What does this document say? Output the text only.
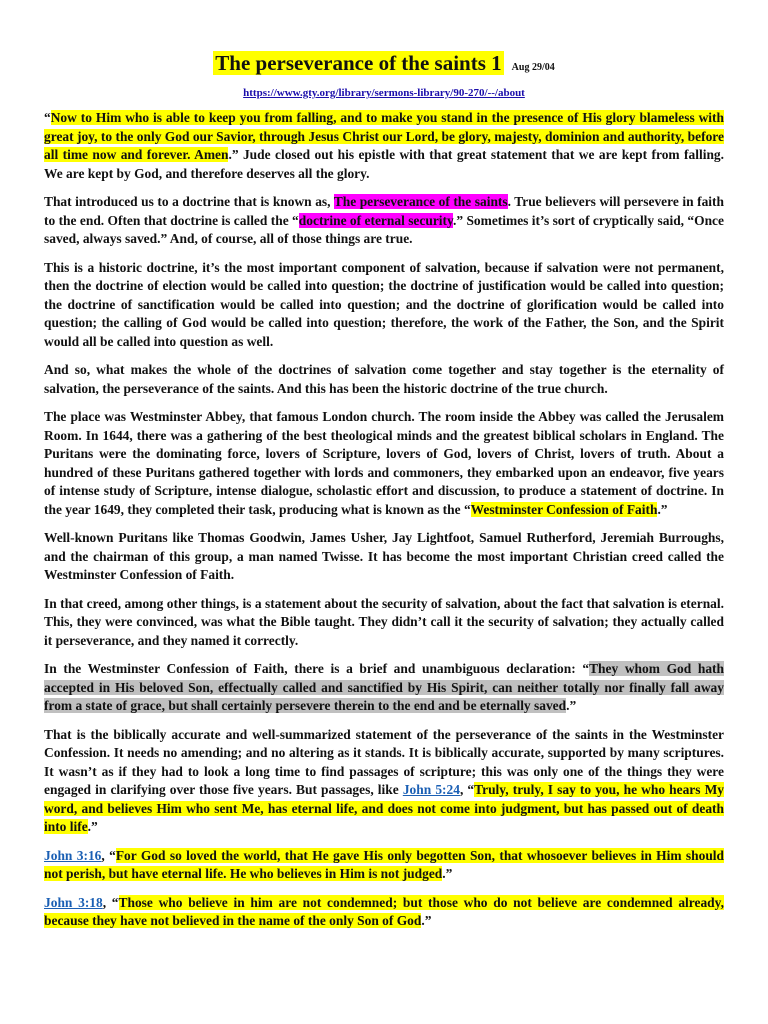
The perseverance of the saints 1 Aug 29/04

https://www.gty.org/library/sermons-library/90-270/--/about

“Now to Him who is able to keep you from falling, and to make you stand in the presence of His glory blameless with great joy, to the only God our Savior, through Jesus Christ our Lord, be glory, majesty, dominion and authority, before all time now and forever. Amen.” Jude closed out his epistle with that great statement that we are kept from falling. We are kept by God, and therefore deserves all the glory.

That introduced us to a doctrine that is known as, The perseverance of the saints. True believers will persevere in faith to the end. Often that doctrine is called the “doctrine of eternal security.” Sometimes it’s sort of cryptically said, “Once saved, always saved.” And, of course, all of those things are true.

This is a historic doctrine, it’s the most important component of salvation, because if salvation were not permanent, then the doctrine of election would be called into question; the doctrine of justification would be called into question; the doctrine of sanctification would be called into question; and the doctrine of glorification would be called into question; the calling of God would be called into question; therefore, the work of the Father, the Son, and the Spirit would all be called into question as well.

And so, what makes the whole of the doctrines of salvation come together and stay together is the eternality of salvation, the perseverance of the saints. And this has been the historic doctrine of the true church.

The place was Westminster Abbey, that famous London church. The room inside the Abbey was called the Jerusalem Room. In 1644, there was a gathering of the best theological minds and the greatest biblical scholars in England. The Puritans were the dominating force, lovers of Scripture, lovers of God, lovers of Christ, lovers of truth. About a hundred of these Puritans gathered together with lords and commoners, they embarked upon an endeavor, five years of intense study of Scripture, intense dialogue, scholastic effort and discussion, to produce a statement of doctrine. In the year 1649, they completed their task, producing what is known as the “Westminster Confession of Faith.”

Well-known Puritans like Thomas Goodwin, James Usher, Jay Lightfoot, Samuel Rutherford, Jeremiah Burroughs, and the chairman of this group, a man named Twisse. It has become the most important Christian creed called the Westminster Confession of Faith.

In that creed, among other things, is a statement about the security of salvation, about the fact that salvation is eternal. This, they were convinced, was what the Bible taught. They didn’t call it the security of salvation; they actually called it perseverance, and they named it correctly.

In the Westminster Confession of Faith, there is a brief and unambiguous declaration: “They whom God hath accepted in His beloved Son, effectually called and sanctified by His Spirit, can neither totally nor finally fall away from a state of grace, but shall certainly persevere therein to the end and be eternally saved.”

That is the biblically accurate and well-summarized statement of the perseverance of the saints in the Westminster Confession. It needs no amending; and no altering as it stands. It is biblically accurate, supported by many scriptures. It wasn’t as if they had to look a long time to find passages of scripture; this was only one of the things they were engaged in clarifying over those five years. But passages, like John 5:24, “Truly, truly, I say to you, he who hears My word, and believes Him who sent Me, has eternal life, and does not come into judgment, but has passed out of death into life.”

John 3:16, “For God so loved the world, that He gave His only begotten Son, that whosoever believes in Him should not perish, but have eternal life. He who believes in Him is not judged.”

John 3:18, “Those who believe in him are not condemned; but those who do not believe are condemned already, because they have not believed in the name of the only Son of God.”
